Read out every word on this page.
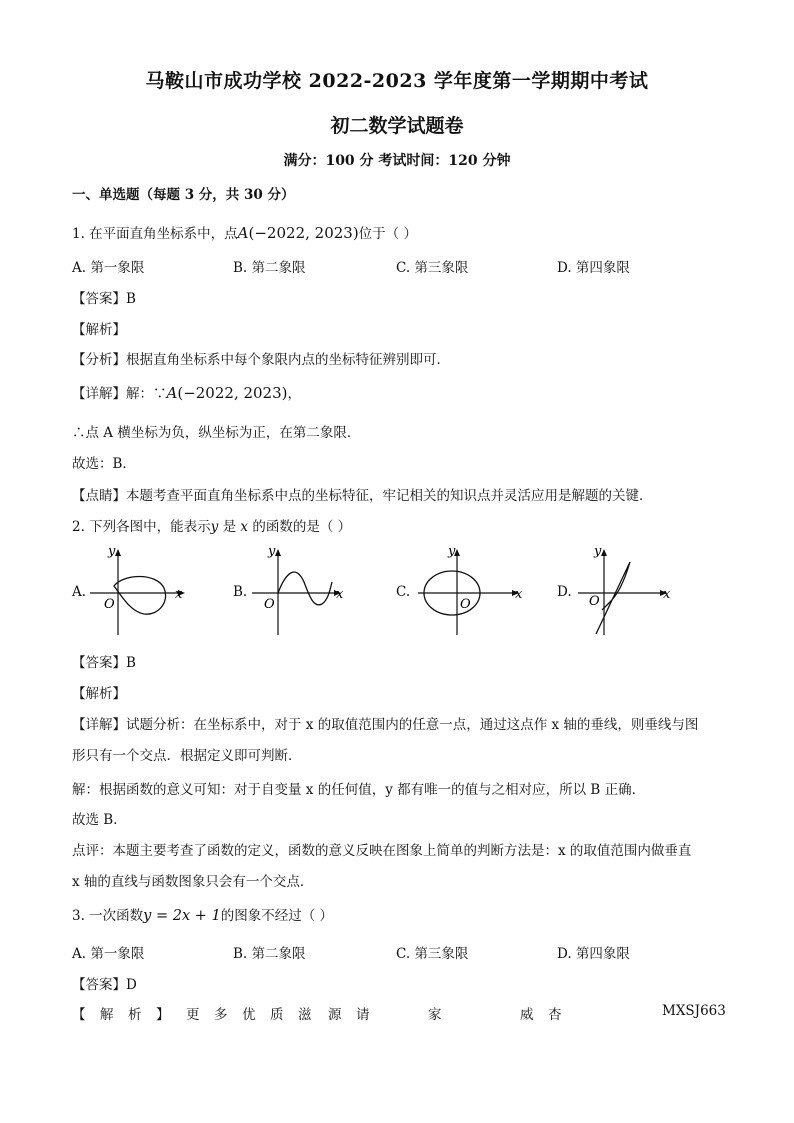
马鞍山市成功学校 2022-2023 学年度第一学期期中考试
初二数学试题卷
满分：100 分 考试时间：120 分钟
一、单选题（每题 3 分，共 30 分）
1. 在平面直角坐标系中，点A(−2022, 2023)位于（ ）
A. 第一象限	B. 第二象限	C. 第三象限	D. 第四象限
【答案】B
【解析】
【分析】根据直角坐标系中每个象限内点的坐标特征辨别即可．
【详解】解：∵A(−2022, 2023)，
∴点 A 横坐标为负，纵坐标为正，在第二象限．
故选：B．
【点睛】本题考查平面直角坐标系中点的坐标特征，牢记相关的知识点并灵活应用是解题的关键．
2. 下列各图中，能表示y 是 x 的函数的是（ ）
A.
O
x
y
B.
O
x
y
C.
O
x
y
D.
O	x
y
【答案】B
【解析】
【详解】试题分析：在坐标系中，对于 x 的取值范围内的任意一点，通过这点作 x 轴的垂线，则垂线与图
形只有一个交点．根据定义即可判断．
解：根据函数的意义可知：对于自变量 x 的任何值，y 都有唯一的值与之相对应，所以 B 正确．
故选 B．
点评：本题主要考查了函数的定义，函数的意义反映在图象上简单的判断方法是：x 的取值范围内做垂直
x 轴的直线与函数图象只会有一个交点．
3. 一次函数y = 2x + 1的图象不经过（ ）
A. 第一象限	B. 第二象限	C. 第三象限	D. 第四象限
【答案】D
【 解 析 】 更 多 优 质 滋 源 请	家	威 杏	MXSJ663
